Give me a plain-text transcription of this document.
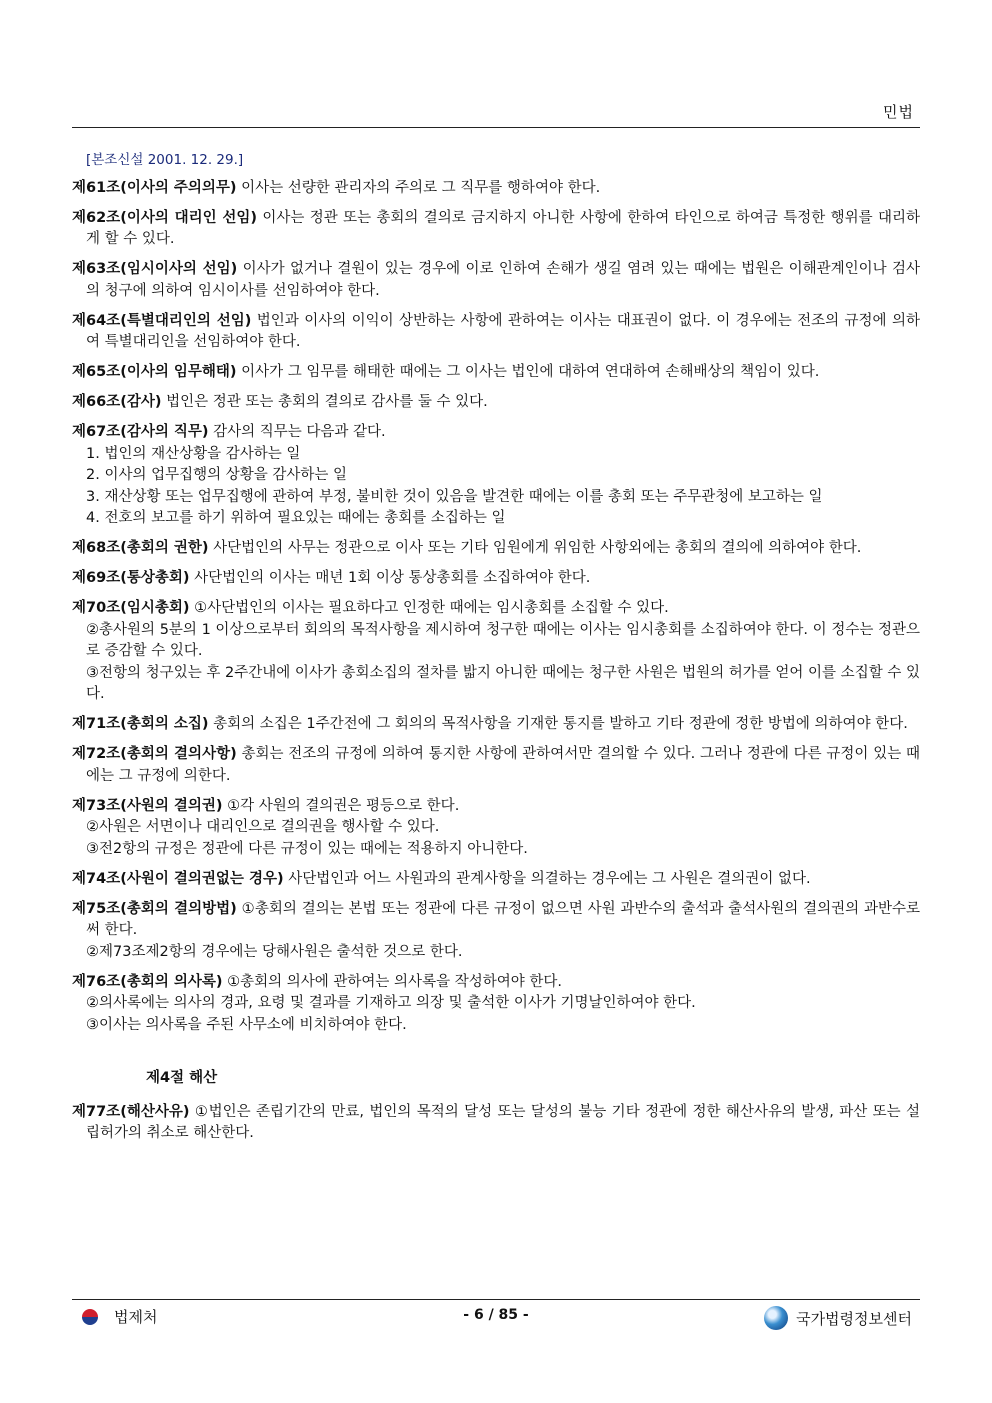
민법
[본조신설 2001. 12. 29.]
제61조(이사의 주의의무) 이사는 선량한 관리자의 주의로 그 직무를 행하여야 한다.
제62조(이사의 대리인 선임) 이사는 정관 또는 총회의 결의로 금지하지 아니한 사항에 한하여 타인으로 하여금 특정한 행위를 대리하게 할 수 있다.
제63조(임시이사의 선임) 이사가 없거나 결원이 있는 경우에 이로 인하여 손해가 생길 염려 있는 때에는 법원은 이해관계인이나 검사의 청구에 의하여 임시이사를 선임하여야 한다.
제64조(특별대리인의 선임) 법인과 이사의 이익이 상반하는 사항에 관하여는 이사는 대표권이 없다. 이 경우에는 전조의 규정에 의하여 특별대리인을 선임하여야 한다.
제65조(이사의 임무해태) 이사가 그 임무를 해태한 때에는 그 이사는 법인에 대하여 연대하여 손해배상의 책임이 있다.
제66조(감사) 법인은 정관 또는 총회의 결의로 감사를 둘 수 있다.
제67조(감사의 직무) 감사의 직무는 다음과 같다.
1. 법인의 재산상황을 감사하는 일
2. 이사의 업무집행의 상황을 감사하는 일
3. 재산상황 또는 업무집행에 관하여 부정, 불비한 것이 있음을 발견한 때에는 이를 총회 또는 주무관청에 보고하는 일
4. 전호의 보고를 하기 위하여 필요있는 때에는 총회를 소집하는 일
제68조(총회의 권한) 사단법인의 사무는 정관으로 이사 또는 기타 임원에게 위임한 사항외에는 총회의 결의에 의하여야 한다.
제69조(통상총회) 사단법인의 이사는 매년 1회 이상 통상총회를 소집하여야 한다.
제70조(임시총회) ①사단법인의 이사는 필요하다고 인정한 때에는 임시총회를 소집할 수 있다.
②총사원의 5분의 1 이상으로부터 회의의 목적사항을 제시하여 청구한 때에는 이사는 임시총회를 소집하여야 한다. 이 정수는 정관으로 증감할 수 있다.
③전항의 청구있는 후 2주간내에 이사가 총회소집의 절차를 밟지 아니한 때에는 청구한 사원은 법원의 허가를 얻어 이를 소집할 수 있다.
제71조(총회의 소집) 총회의 소집은 1주간전에 그 회의의 목적사항을 기재한 통지를 발하고 기타 정관에 정한 방법에 의하여야 한다.
제72조(총회의 결의사항) 총회는 전조의 규정에 의하여 통지한 사항에 관하여서만 결의할 수 있다. 그러나 정관에 다른 규정이 있는 때에는 그 규정에 의한다.
제73조(사원의 결의권) ①각 사원의 결의권은 평등으로 한다.
②사원은 서면이나 대리인으로 결의권을 행사할 수 있다.
③전2항의 규정은 정관에 다른 규정이 있는 때에는 적용하지 아니한다.
제74조(사원이 결의권없는 경우) 사단법인과 어느 사원과의 관계사항을 의결하는 경우에는 그 사원은 결의권이 없다.
제75조(총회의 결의방법) ①총회의 결의는 본법 또는 정관에 다른 규정이 없으면 사원 과반수의 출석과 출석사원의 결의권의 과반수로써 한다.
②제73조제2항의 경우에는 당해사원은 출석한 것으로 한다.
제76조(총회의 의사록) ①총회의 의사에 관하여는 의사록을 작성하여야 한다.
②의사록에는 의사의 경과, 요령 및 결과를 기재하고 의장 및 출석한 이사가 기명날인하여야 한다.
③이사는 의사록을 주된 사무소에 비치하여야 한다.
제4절 해산
제77조(해산사유) ①법인은 존립기간의 만료, 법인의 목적의 달성 또는 달성의 불능 기타 정관에 정한 해산사유의 발생, 파산 또는 설립허가의 취소로 해산한다.
법제처	- 6 / 85 -	국가법령정보센터
